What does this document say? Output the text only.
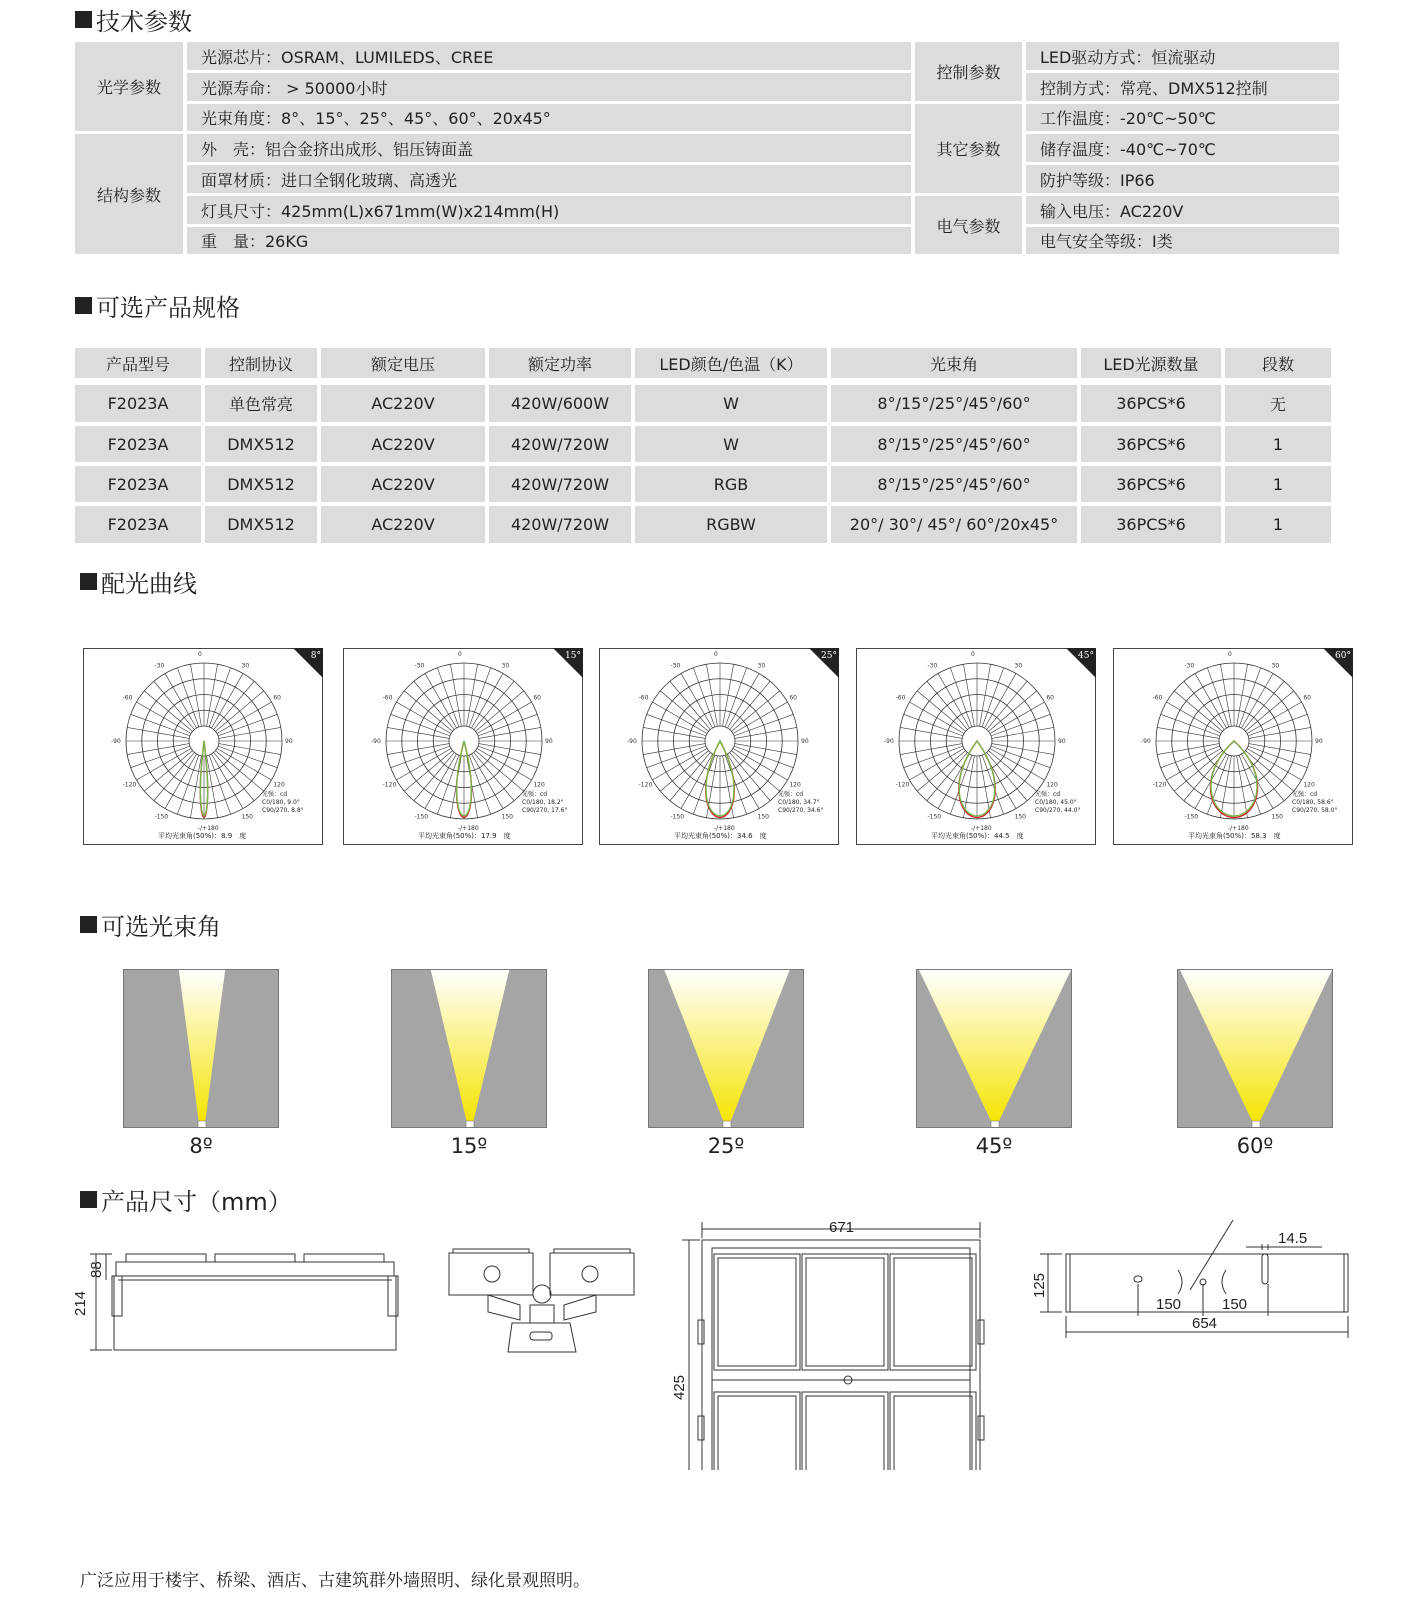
技术参数
可选产品规格
配光曲线
可选光束角
产品尺寸（mm）
光学参数
光源芯片：OSRAM、LUMILEDS、CREE
光源寿命： > 50000小时
光束角度：8°、15°、25°、45°、60°、20x45°
结构参数
外　壳：铝合金挤出成形、铝压铸面盖
面罩材质：进口全钢化玻璃、高透光
灯具尺寸：425mm(L)x671mm(W)x214mm(H)
重　量：26KG
控制参数
LED驱动方式：恒流驱动
控制方式：常亮、DMX512控制
其它参数
工作温度：-20℃~50℃
储存温度：-40℃~70℃
防护等级：IP66
电气参数
输入电压：AC220V
电气安全等级：I类
产品型号	控制协议	额定电压	额定功率	LED颜色/色温（K）	光束角	LED光源数量	段数
F2023A	单色常亮	AC220V	420W/600W	W	8°/15°/25°/45°/60°	36PCS*6	无
F2023A	DMX512	AC220V	420W/720W	W	8°/15°/25°/45°/60°	36PCS*6	1
F2023A	DMX512	AC220V	420W/720W	RGB	8°/15°/25°/45°/60°	36PCS*6	1
F2023A	DMX512	AC220V	420W/720W	RGBW	20°/ 30°/ 45°/ 60°/20x45°	36PCS*6	1
-/+180
150
120
90
60
30
0
-30
-60
-90
-120
-150
8°
光强：cd
C0/180, 9.0°
C90/270, 8.8°
平均光束角(50%)：8.9　度
-/+180
150
120
90
60
30
0
-30
-60
-90
-120
-150
15°
光强：cd
C0/180, 18.2°
C90/270, 17.6°
平均光束角(50%)：17.9　度
-/+180
150
120
90
60
30
0
-30
-60
-90
-120
-150
25°
光强：cd
C0/180, 34.7°
C90/270, 34.6°
平均光束角(50%)：34.6　度
-/+180
150
120
90
60
30
0
-30
-60
-90
-120
-150
45°
光强：cd
C0/180, 45.0°
C90/270, 44.0°
平均光束角(50%)：44.5　度
-/+180
150
120
90
60
30
0
-30
-60
-90
-120
-150
60°
光强：cd
C0/180, 58.6°
C90/270, 58.0°
平均光束角(50%)：58.3　度
8º	15º	25º	45º	60º
214
88
671
425
125
14.5
150	150
654
广泛应用于楼宇、桥梁、酒店、古建筑群外墙照明、绿化景观照明。
